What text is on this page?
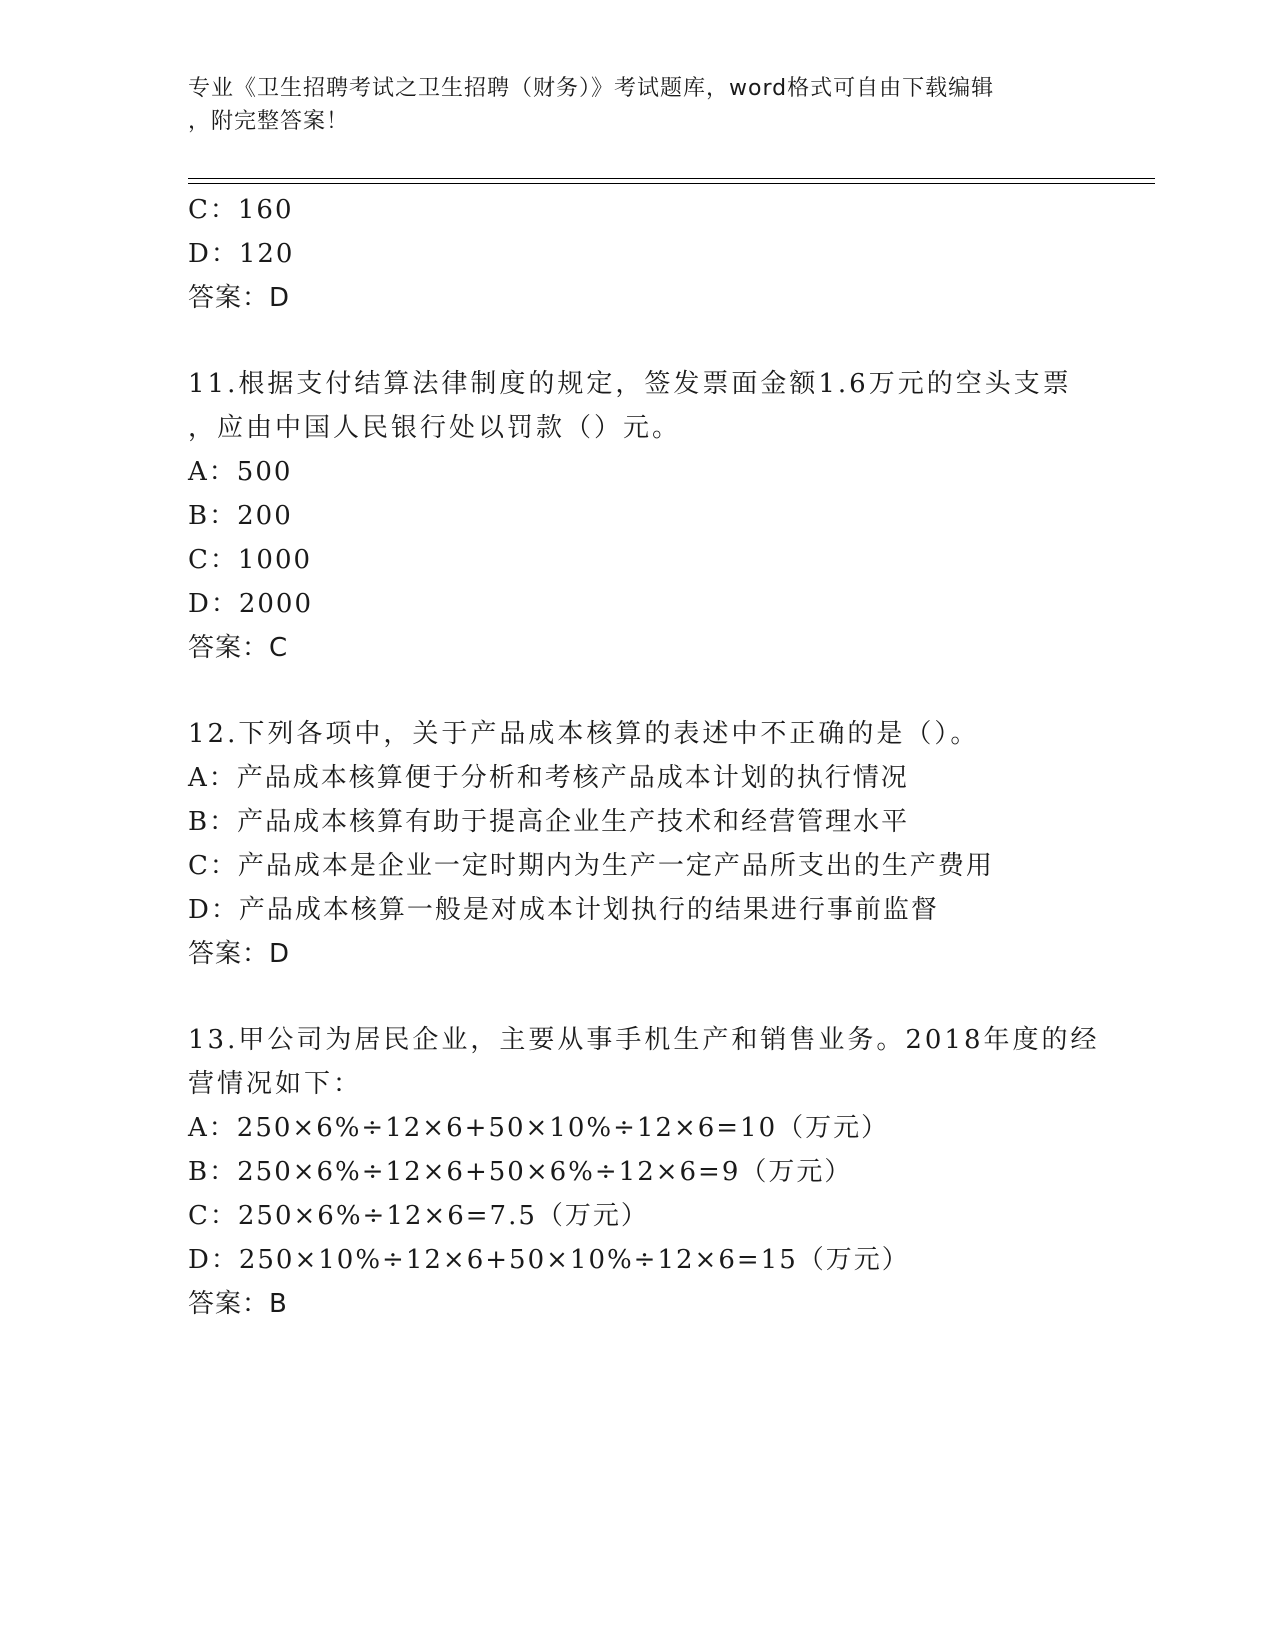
专业《卫生招聘考试之卫生招聘（财务）》考试题库，word格式可自由下载编辑
，附完整答案！
C：160
D：120
答案：D
11.根据支付结算法律制度的规定，签发票面金额1.6万元的空头支票
，应由中国人民银行处以罚款（）元。
A：500
B：200
C：1000
D：2000
答案：C
12.下列各项中，关于产品成本核算的表述中不正确的是（）。
A：产品成本核算便于分析和考核产品成本计划的执行情况
B：产品成本核算有助于提高企业生产技术和经营管理水平
C：产品成本是企业一定时期内为生产一定产品所支出的生产费用
D：产品成本核算一般是对成本计划执行的结果进行事前监督
答案：D
13.甲公司为居民企业，主要从事手机生产和销售业务。2018年度的经
营情况如下：
A：250×6%÷12×6+50×10%÷12×6=10（万元）
B：250×6%÷12×6+50×6%÷12×6=9（万元）
C：250×6%÷12×6=7.5（万元）
D：250×10%÷12×6+50×10%÷12×6=15（万元）
答案：B
